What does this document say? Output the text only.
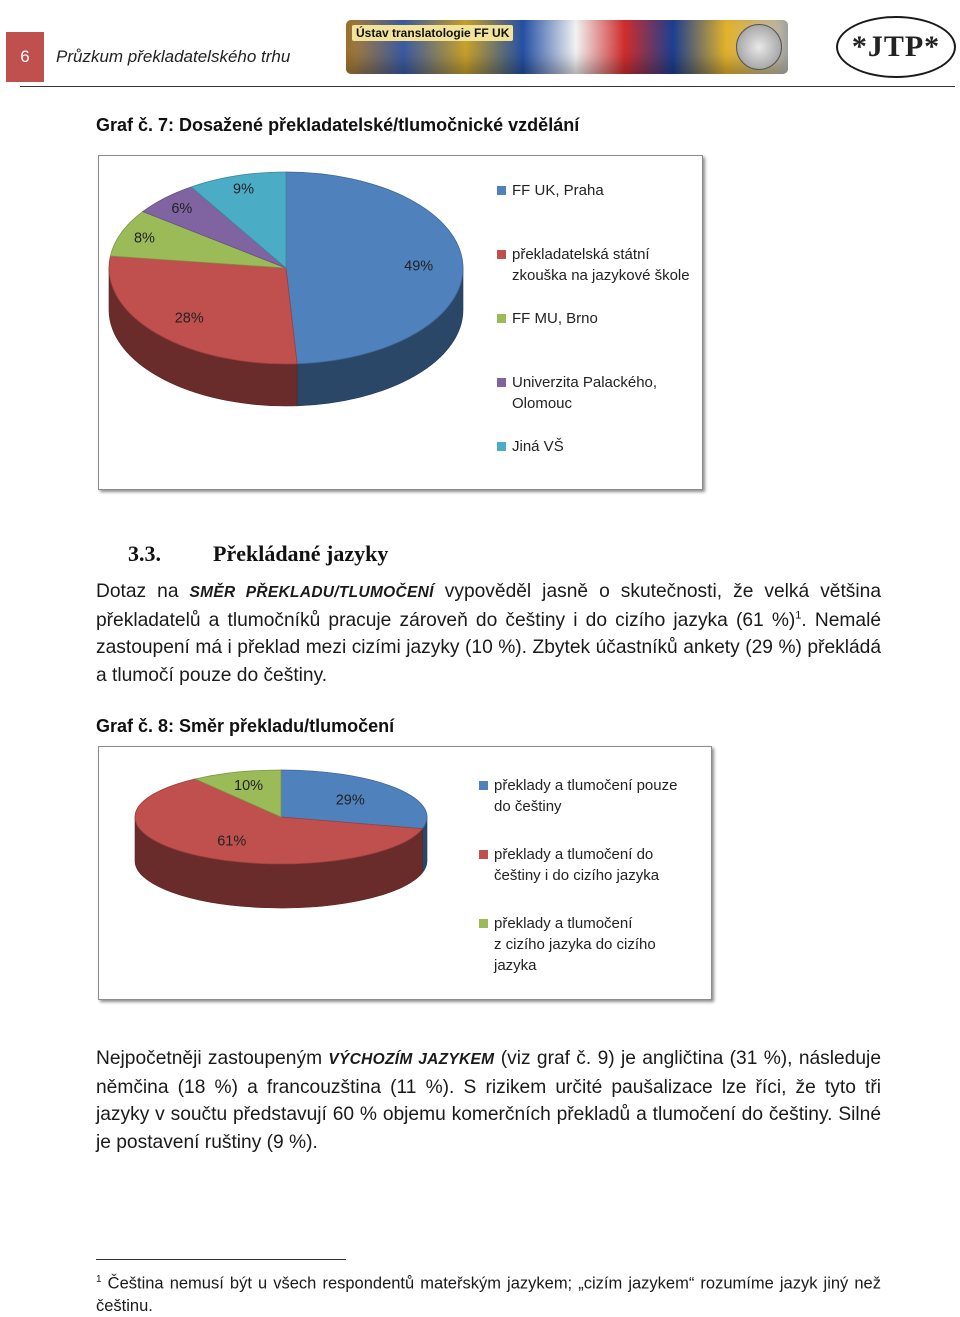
6	Průzkum překladatelského trhu
Ústav translatologie FF UK	*JTP*
Graf č. 7: Dosažené překladatelské/tlumočnické vzdělání
49%
28%
8%
6%
9%	FF UK, Praha
překladatelská státní
zkouška na jazykové škole
FF MU, Brno
Univerzita Palackého,
Olomouc
Jiná VŠ
3.3. Překládané jazyky
Dotaz na SMĚR PŘEKLADU/TLUMOČENÍ vypověděl jasně o skutečnosti, že velká většina překladatelů a tlumočníků pracuje zároveň do češtiny i do cizího jazyka (61 %)$^1$. Nemalé zastoupení má i překlad mezi cizími jazyky (10 %). Zbytek účastníků ankety (29 %) překládá a tlumočí pouze do češtiny.
Graf č. 8: Směr překladu/tlumočení
29%
61%
10%	překlady a tlumočení pouze
do češtiny
překlady a tlumočení do
češtiny i do cizího jazyka
překlady a tlumočení
z cizího jazyka do cizího
jazyka
Nejpočetněji zastoupeným VÝCHOZÍM JAZYKEM (viz graf č. 9) je angličtina (31 %), následuje němčina (18 %) a francouzština (11 %). S rizikem určité paušalizace lze říci, že tyto tři jazyky v součtu představují 60 % objemu komerčních překladů a tlumočení do češtiny. Silné je postavení ruštiny (9 %).
$^1$ Čeština nemusí být u všech respondentů mateřským jazykem; „cizím jazykem“ rozumíme jazyk jiný než češtinu.
